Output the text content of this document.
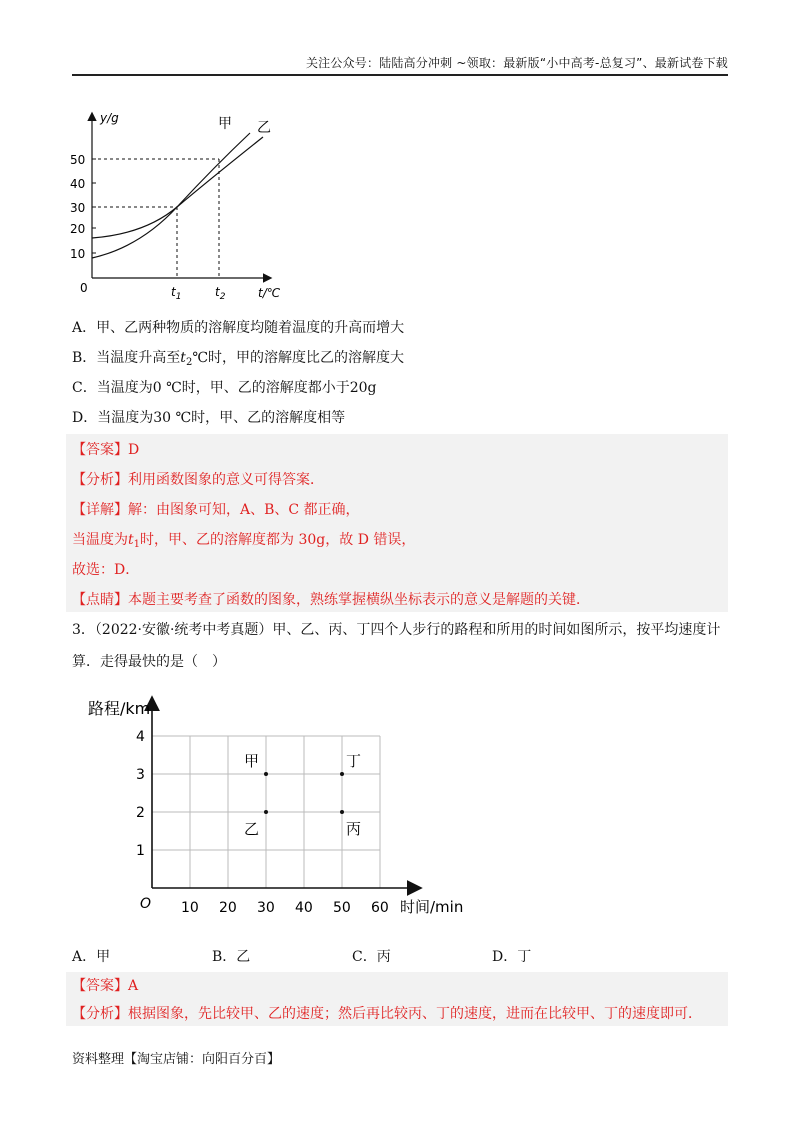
关注公众号：陆陆高分冲刺 ~领取：最新版“小中高考-总复习”、最新试卷下载
10
20
30
40
50
y/g
t/℃
0	$t_1$	$t_2$
甲 乙
A．甲、乙两种物质的溶解度均随着温度的升高而增大
B．当温度升高至$t_2℃$时，甲的溶解度比乙的溶解度大
C．当温度为0 ℃时，甲、乙的溶解度都小于20g
D．当温度为30 ℃时，甲、乙的溶解度相等
【答案】D
【分析】利用函数图象的意义可得答案．
【详解】解：由图象可知，A、B、C 都正确，
当温度为$t_1$时，甲、乙的溶解度都为 30g，故 D 错误，
故选：D．
【点睛】本题主要考查了函数的图象，熟练掌握横纵坐标表示的意义是解题的关键．
3．（2022·安徽·统考中考真题）甲、乙、丙、丁四个人步行的路程和所用的时间如图所示，按平均速度计
算．走得最快的是（　）
10 20 30 40 50 60
1
2
3
4
甲
乙	丙
丁
路程/km
时间/min
O
A．甲	B．乙	C．丙	D．丁
【答案】A
【分析】根据图象，先比较甲、乙的速度；然后再比较丙、丁的速度，进而在比较甲、丁的速度即可．
资料整理【淘宝店铺：向阳百分百】
